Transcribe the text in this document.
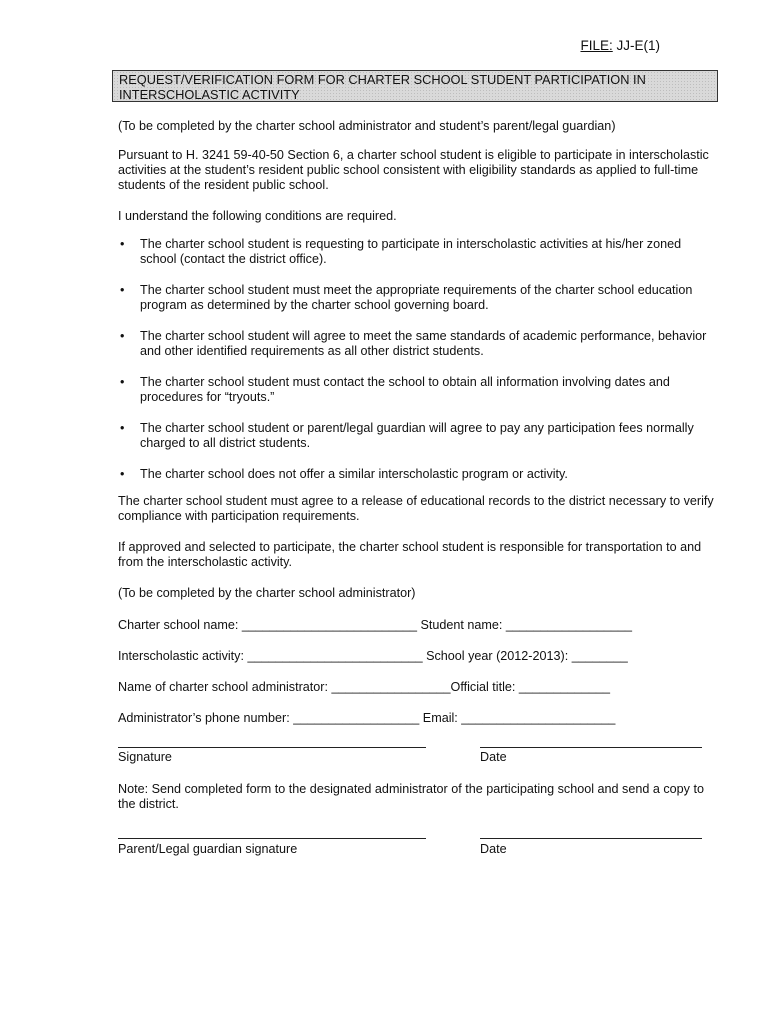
FILE: JJ-E(1)
REQUEST/VERIFICATION FORM FOR CHARTER SCHOOL STUDENT PARTICIPATION IN INTERSCHOLASTIC ACTIVITY
(To be completed by the charter school administrator and student’s parent/legal guardian)
Pursuant to H. 3241 59-40-50 Section 6, a charter school student is eligible to participate in interscholastic activities at the student’s resident public school consistent with eligibility standards as applied to full-time students of the resident public school.
I understand the following conditions are required.
• The charter school student is requesting to participate in interscholastic activities at his/her zoned school (contact the district office).
• The charter school student must meet the appropriate requirements of the charter school education program as determined by the charter school governing board.
• The charter school student will agree to meet the same standards of academic performance, behavior and other identified requirements as all other district students.
• The charter school student must contact the school to obtain all information involving dates and procedures for “tryouts.”
• The charter school student or parent/legal guardian will agree to pay any participation fees normally charged to all district students.
• The charter school does not offer a similar interscholastic program or activity.
The charter school student must agree to a release of educational records to the district necessary to verify compliance with participation requirements.
If approved and selected to participate, the charter school student is responsible for transportation to and from the interscholastic activity.
(To be completed by the charter school administrator)
Charter school name: _________________________ Student name: __________________
Interscholastic activity: _________________________ School year (2012-2013): ________
Name of charter school administrator: _________________Official title: _____________
Administrator’s phone number: __________________ Email: ______________________
Signature	Date
Note: Send completed form to the designated administrator of the participating school and send a copy to the district.
Parent/Legal guardian signature	Date
